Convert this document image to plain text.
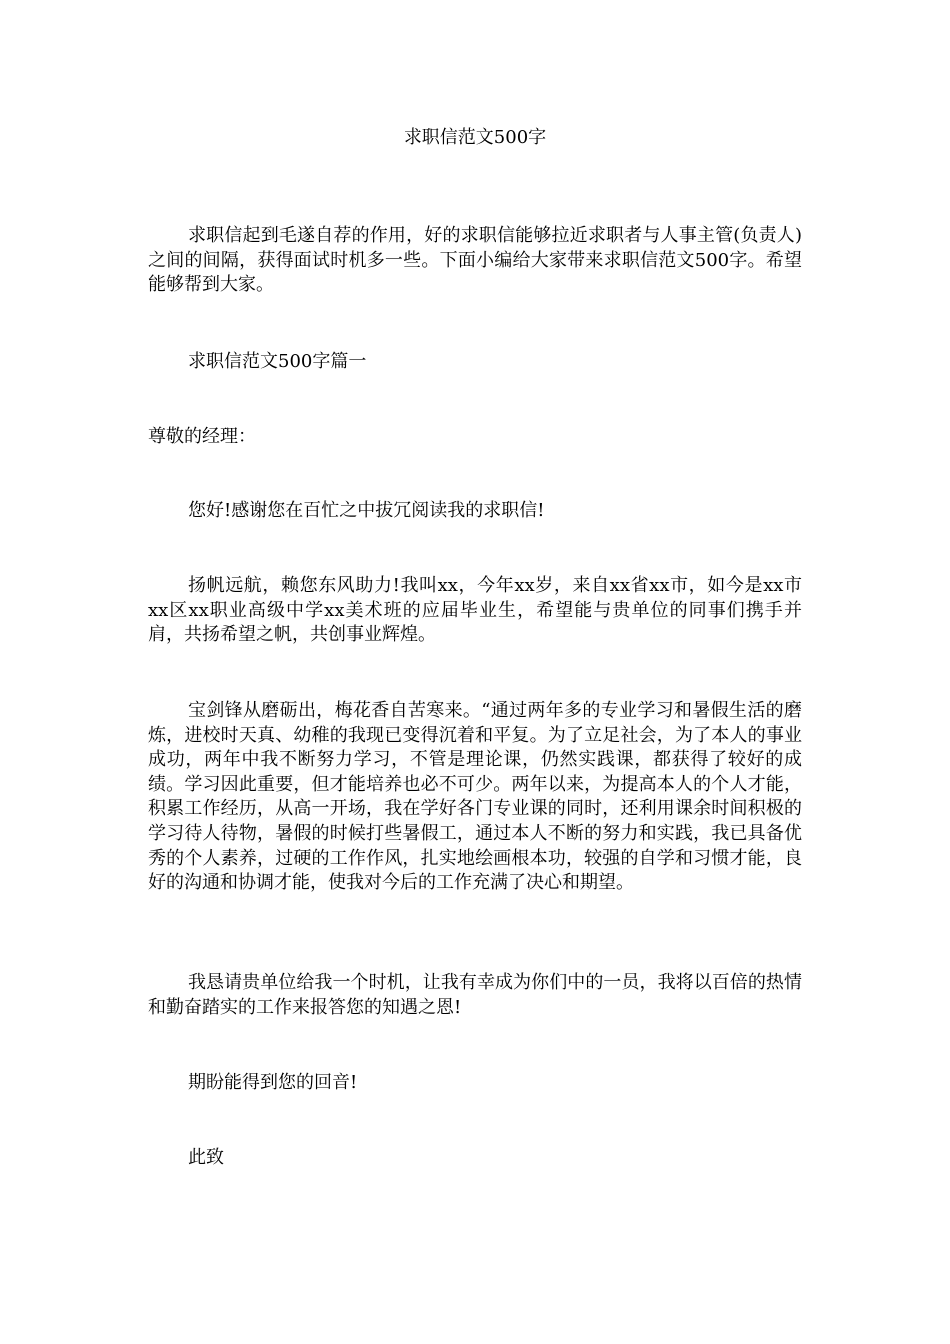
求职信范文500字

求职信起到毛遂自荐的作用，好的求职信能够拉近求职者与人事主管(负责人)之间的间隔，获得面试时机多一些。下面小编给大家带来求职信范文500字。希望能够帮到大家。

求职信范文500字篇一

尊敬的经理：

您好!感谢您在百忙之中拔冗阅读我的求职信!

扬帆远航，赖您东风助力!我叫xx，今年xx岁，来自xx省xx市，如今是xx市xx区xx职业高级中学xx美术班的应届毕业生，希望能与贵单位的同事们携手并肩，共扬希望之帆，共创事业辉煌。

宝剑锋从磨砺出，梅花香自苦寒来。“通过两年多的专业学习和暑假生活的磨炼，进校时天真、幼稚的我现已变得沉着和平复。为了立足社会，为了本人的事业成功，两年中我不断努力学习，不管是理论课，仍然实践课，都获得了较好的成绩。学习因此重要，但才能培养也必不可少。两年以来，为提高本人的个人才能，积累工作经历，从高一开场，我在学好各门专业课的同时，还利用课余时间积极的学习待人待物，暑假的时候打些暑假工，通过本人不断的努力和实践，我已具备优秀的个人素养，过硬的工作作风，扎实地绘画根本功，较强的自学和习惯才能，良好的沟通和协调才能，使我对今后的工作充满了决心和期望。

我恳请贵单位给我一个时机，让我有幸成为你们中的一员，我将以百倍的热情和勤奋踏实的工作来报答您的知遇之恩!

期盼能得到您的回音!

此致
